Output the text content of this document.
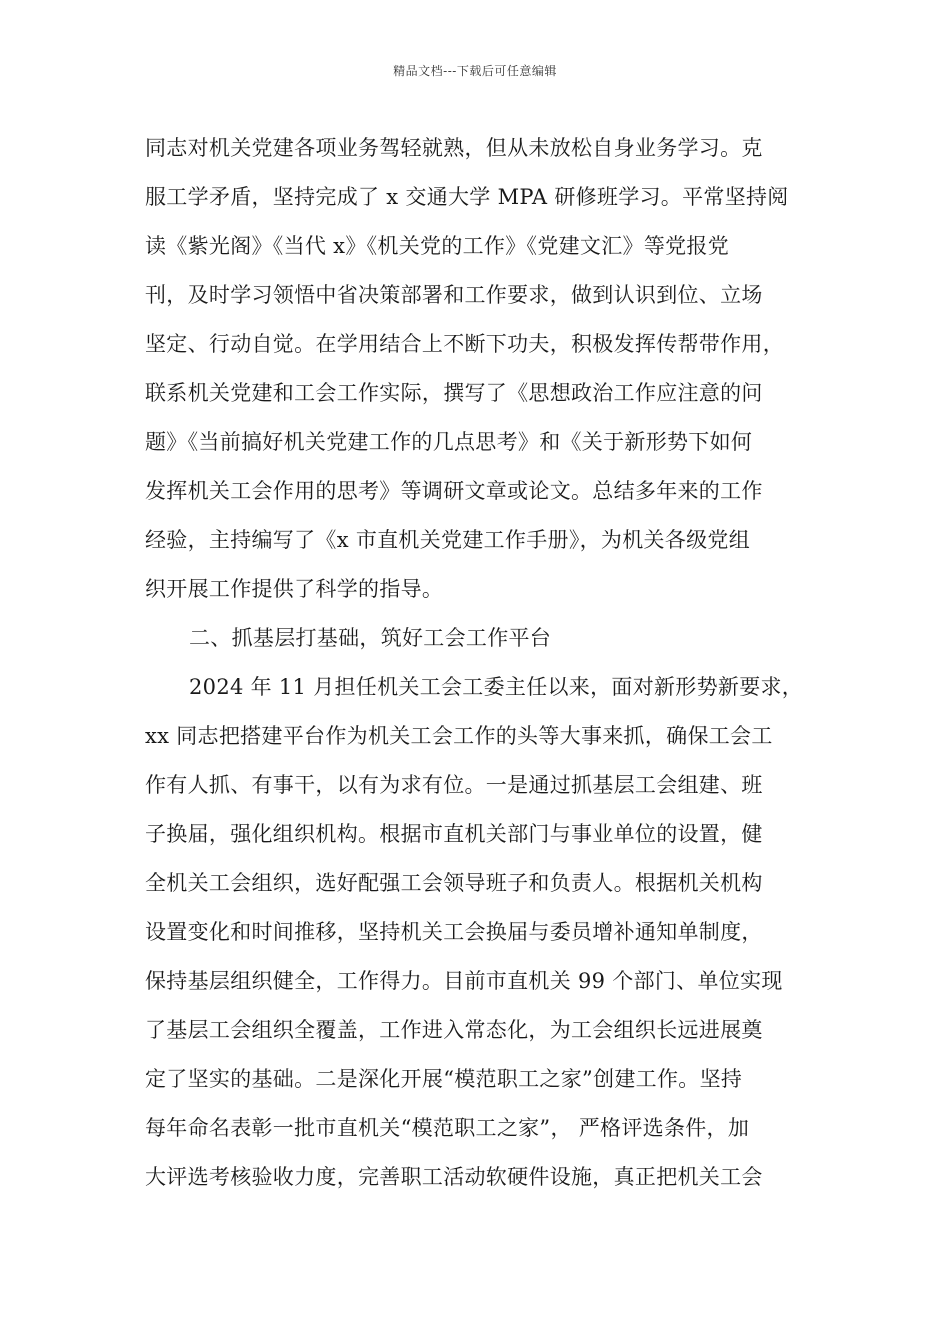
精品文档---下载后可任意编辑
同志对机关党建各项业务驾轻就熟，但从未放松自身业务学习。克
服工学矛盾，坚持完成了 x 交通大学 MPA 研修班学习。平常坚持阅
读《紫光阁》《当代 x》《机关党的工作》《党建文汇》等党报党
刊，及时学习领悟中省决策部署和工作要求，做到认识到位、立场
坚定、行动自觉。在学用结合上不断下功夫，积极发挥传帮带作用，
联系机关党建和工会工作实际，撰写了《思想政治工作应注意的问
题》《当前搞好机关党建工作的几点思考》和《关于新形势下如何
发挥机关工会作用的思考》等调研文章或论文。总结多年来的工作
经验，主持编写了《x 市直机关党建工作手册》，为机关各级党组
织开展工作提供了科学的指导。
二、抓基层打基础，筑好工会工作平台
2024 年 11 月担任机关工会工委主任以来，面对新形势新要求，
xx 同志把搭建平台作为机关工会工作的头等大事来抓，确保工会工
作有人抓、有事干，以有为求有位。一是通过抓基层工会组建、班
子换届，强化组织机构。根据市直机关部门与事业单位的设置，健
全机关工会组织，选好配强工会领导班子和负责人。根据机关机构
设置变化和时间推移，坚持机关工会换届与委员增补通知单制度，
保持基层组织健全，工作得力。目前市直机关 99 个部门、单位实现
了基层工会组织全覆盖，工作进入常态化，为工会组织长远进展奠
定了坚实的基础。二是深化开展“模范职工之家”创建工作。坚持
每年命名表彰一批市直机关“模范职工之家”， 严格评选条件，加
大评选考核验收力度，完善职工活动软硬件设施，真正把机关工会
